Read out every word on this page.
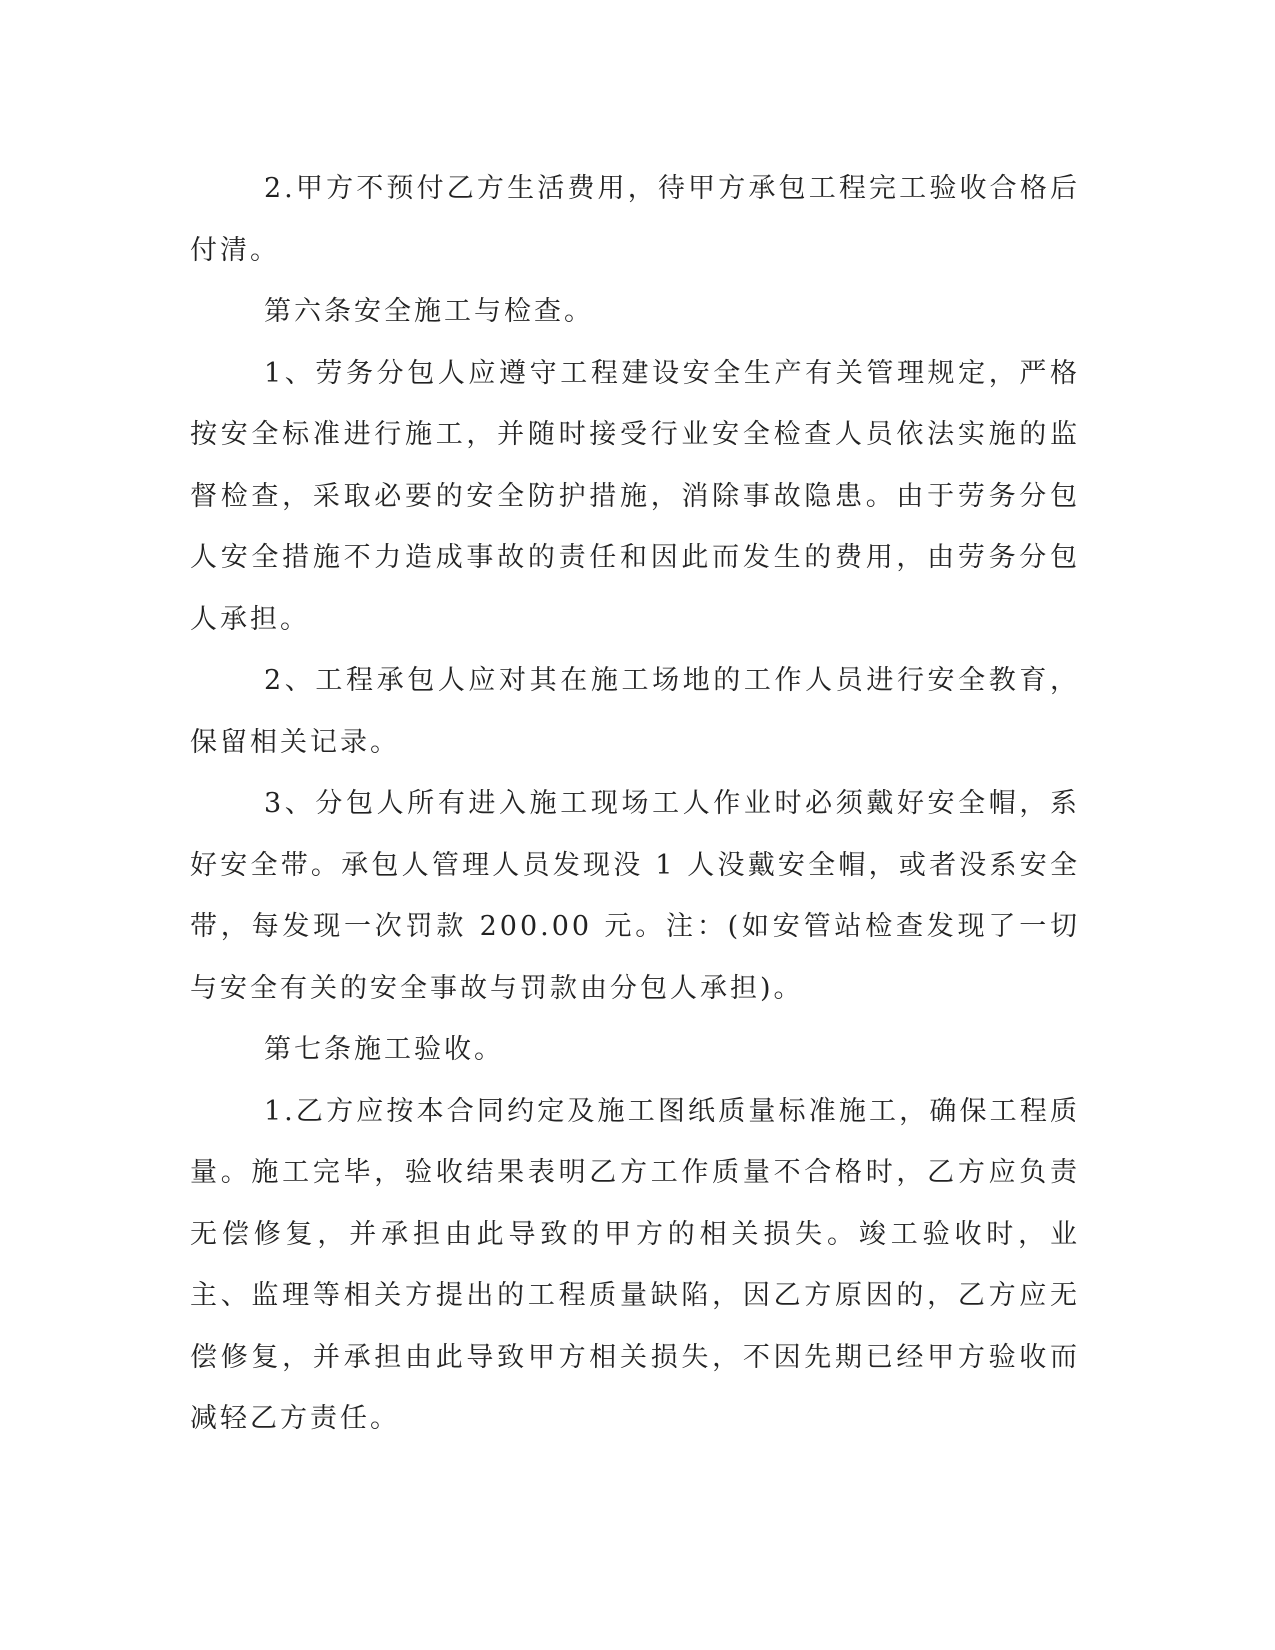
2.甲方不预付乙方生活费用，待甲方承包工程完工验收合格后付清。

第六条安全施工与检查。

1、劳务分包人应遵守工程建设安全生产有关管理规定，严格按安全标准进行施工，并随时接受行业安全检查人员依法实施的监督检查，采取必要的安全防护措施，消除事故隐患。由于劳务分包人安全措施不力造成事故的责任和因此而发生的费用，由劳务分包人承担。

2、工程承包人应对其在施工场地的工作人员进行安全教育，保留相关记录。

3、分包人所有进入施工现场工人作业时必须戴好安全帽，系好安全带。承包人管理人员发现没 1 人没戴安全帽，或者没系安全带，每发现一次罚款 200.00 元。注：(如安管站检查发现了一切与安全有关的安全事故与罚款由分包人承担)。

第七条施工验收。

1.乙方应按本合同约定及施工图纸质量标准施工，确保工程质量。施工完毕，验收结果表明乙方工作质量不合格时，乙方应负责无偿修复，并承担由此导致的甲方的相关损失。竣工验收时，业主、监理等相关方提出的工程质量缺陷，因乙方原因的，乙方应无偿修复，并承担由此导致甲方相关损失，不因先期已经甲方验收而减轻乙方责任。
